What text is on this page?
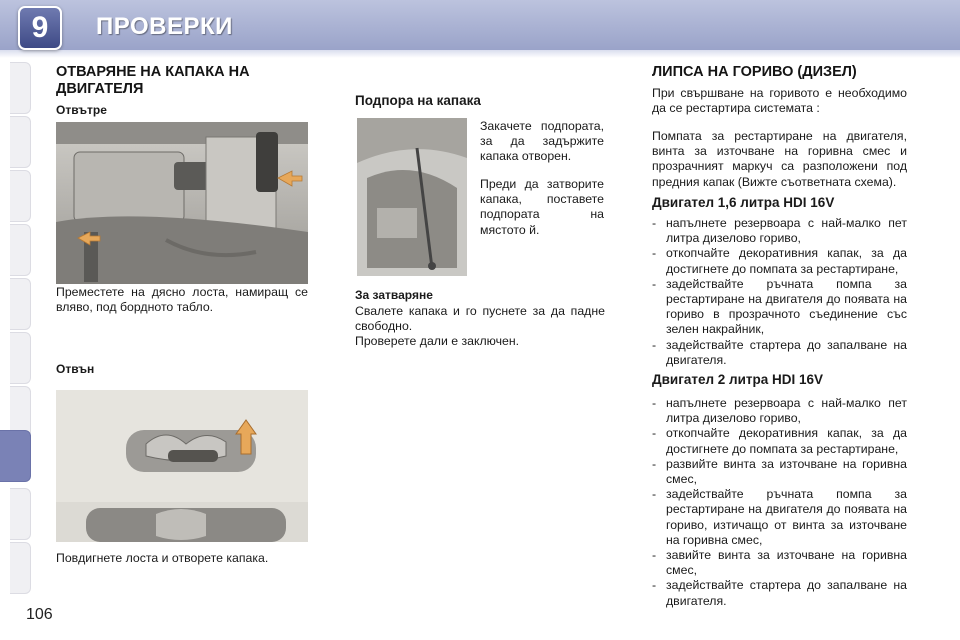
9	ПРОВЕРКИ
ОТВАРЯНЕ НА КАПАКА НА ДВИГАТЕЛЯ
Отвътре
Преместете на дясно лоста, намиращ се вляво, под бордното табло.
Отвън
Повдигнете лоста и отворете капака.
Подпора на капака
Закачете подпората, за да задържите капака отворен.
Преди да затворите капака, поставете подпората на мястото й.
За затваряне
Свалете капака и го пуснете за да падне свободно.
Проверете дали е заключен.
ЛИПСА НА ГОРИВО (ДИЗЕЛ)
При свършване на горивото е необходимо да се рестартира системата :
Помпата за рестартиране на двигателя, винта за източване на горивна смес и прозрачният маркуч са разположени под предния капак (Вижте съответната схема).
Двигател 1,6 литра HDI 16V
- напълнете резервоара с най-малко пет литра дизелово гориво,
- откопчайте декоративния капак, за да достигнете до помпата за рестартиране,
- задействайте ръчната помпа за рестартиране на двигателя до появата на гориво в прозрачното съединение със зелен накрайник,
- задействайте стартера до запалване на двигателя.
Двигател 2 литра HDI 16V
- напълнете резервоара с най-малко пет литра дизелово гориво,
- откопчайте декоративния капак, за да достигнете до помпата за рестартиране,
- развийте винта за източване на горивна смес,
- задействайте ръчната помпа за рестартиране на двигателя до появата на гориво, изтичащо от винта за източване на горивна смес,
- завийте винта за източване на горивна смес,
- задействайте стартера до запалване на двигателя.
106
